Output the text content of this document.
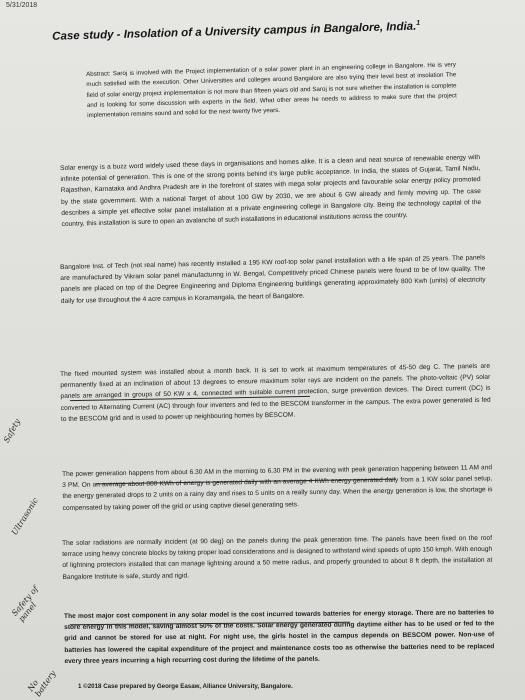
5/31/2018
Case study - Insolation of a University campus in Bangalore, India.$^1$
Abstract: Saroj is involved with the Project implementation of a solar power plant in an engineering college in Bangalore. He is very much satisfied with the execution. Other Universities and colleges around Bangalore are also trying their level best at insolation The field of solar energy project implementation is not more than fifteen years old and Saroj is not sure whether the installation is complete and is looking for some discussion with experts in the field. What other areas he needs to address to make sure that the project implementation remains sound and solid for the next twenty five years.
Solar energy is a buzz word widely used these days in organisations and homes alike. It is a clean and neat source of renewable energy with infinite potential of generation. This is one of the strong points behind it's large public acceptance. In India, the states of Gujarat, Tamil Nadu, Rajasthan, Karnataka and Andhra Pradesh are in the forefront of states with mega solar projects and favourable solar energy policy promoted by the state government. With a national Target of about 100 GW by 2030, we are about 6 GW already and firmly moving up. The case describes a simple yet effective solar panel installation at a private engineering college in Bangalore city. Being the technology capital of the country, this installation is sure to open an avalanche of such installations in educational institutions across the country.
Bangalore Inst. of Tech (not real name) has recently installed a 195 KW roof-top solar panel installation with a life span of 25 years. The panels are manufactured by Vikram solar panel manufactunng in W. Bengal, Competitively priced Chinese panels were found to be of low quality. The panels are placed on top of the Degree Engineering and Diploma Engineering buildings generating approximately 800 Kwh (units) of electricity daily for use throughout the 4 acre campus in Koramangala, the heart of Bangalore.
The fixed mounted system was installed about a month back. It is set to work at maximum temperatures of 45-50 deg C. The panels are permanently fixed at an inclination of about 13 degrees to ensure maximum solar rays are incident on the panels. The photo-voltaic (PV) solar panels are arranged in groups of 50 KW x 4, connected with suitable current protection, surge prevention devices. The Direct current (DC) is converted to Alternating Current (AC) through four inverters and fed to the BESCOM transformer in the campus. The extra power generated is fed to the BESCOM grid and is used to power up neighbouring homes by BESCOM.
The power generation happens from about 6.30 AM in the morning to 6.30 PM in the evening with peak generation happening between 11 AM and 3 PM. On an average about 800 KWh of energy is generated daily with an average 4 KWh energy generated daily from a 1 KW solar panel setup, the energy generated drops to 2 units on a rainy day and rises to 5 units on a really sunny day. When the energy generation is low, the shortage is compensated by taking power off the grid or using captive diesel generating sets.
The solar radiations are normally incident (at 90 deg) on the panels during the peak generation time. The panels have been fixed on the roof terrace using heavy concrete blocks by taking proper load considerations and is designed to withstand wind speeds of upto 150 kmph. With enough of lightning protectors installed that can manage lightning around a 50 metre radius, and properly grounded to about 8 ft depth, the installation at Bangalore Institute is safe, sturdy and rigid.
The most major cost component in any solar model is the cost incurred towards batteries for energy storage. There are no batteries to store energy in this model, saving almost 50% of the costs. Solar energy generated during daytime either has to be used or fed to the grid and cannot be stored for use at night. For night use, the girls hostel in the campus depends on BESCOM power. Non-use of batteries has lowered the capital expenditure of the project and maintenance costs too as otherwise the batteries need to be replaced every three years incurring a high recurring cost during the lifetime of the panels.
1 ©2018 Case prepared by George Easaw, Alliance University, Bangalore.
Safety
Ultrasonic
Safety of panel
No battery
